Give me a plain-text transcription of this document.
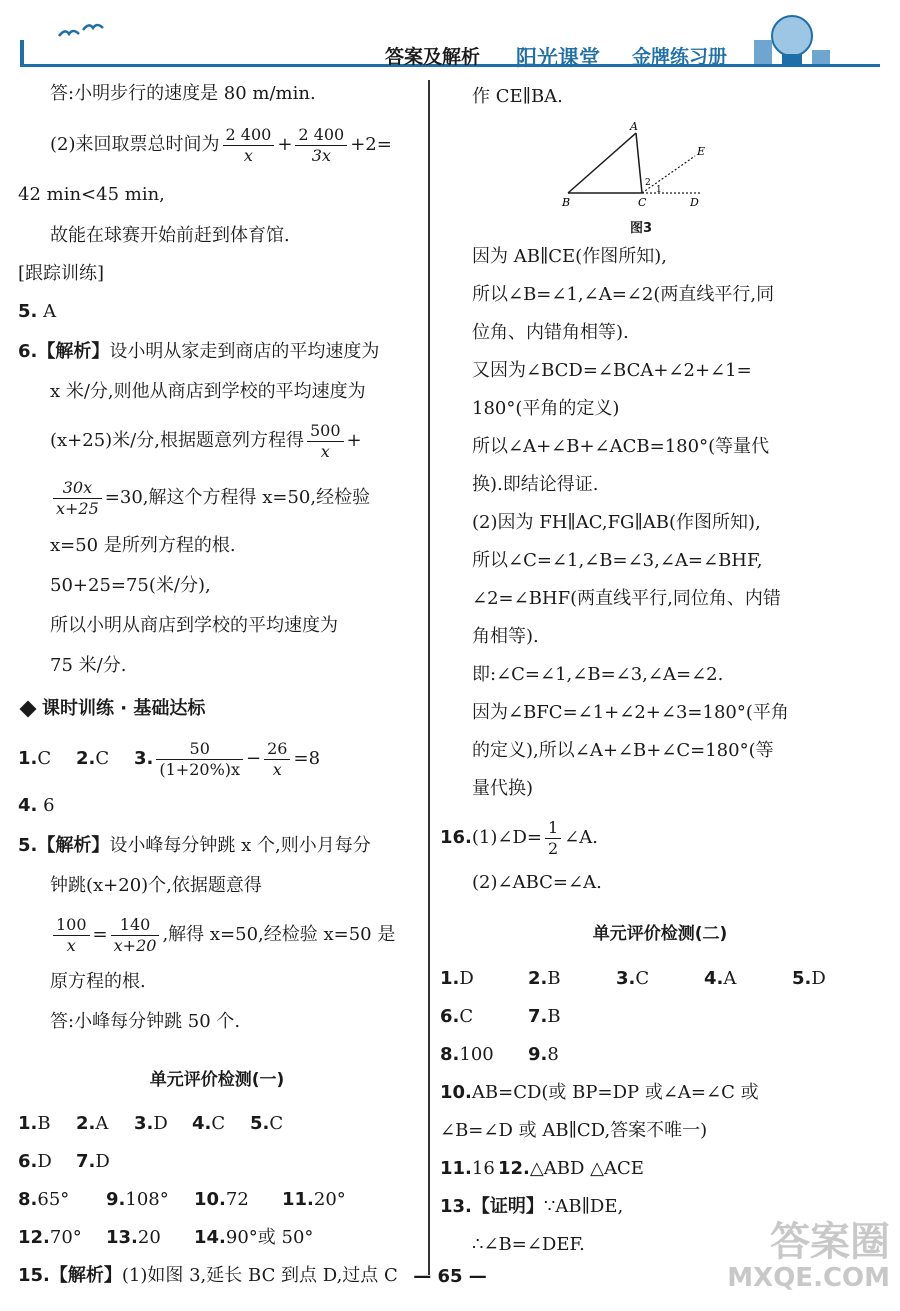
答案及解析 阳光课堂 金牌练习册
答:小明步行的速度是 80 m/min.
(2)来回取票总时间为 $\frac{2 400}{x} + \frac{2 400}{3x} +2=$
42 min<45 min,
故能在球赛开始前赶到体育馆.
[跟踪训练]
5. A
6.【解析】设小明从家走到商店的平均速度为
x 米/分,则他从商店到学校的平均速度为
(x+25)米/分,根据题意列方程得 $\frac{500}{x}$ +
$\frac{30x}{x+25} =30$,解这个方程得 x=50,经检验
x=50 是所列方程的根.
50+25=75(米/分),
所以小明从商店到学校的平均速度为
75 米/分.
课时训练 · 基础达标
1.C 2.C 3. $\frac{50}{(1+20\%)x} - \frac{26}{x} =8$
4. 6
5.【解析】设小峰每分钟跳 x 个,则小月每分
钟跳(x+20)个,依据题意得
$\frac{100}{x} = \frac{140}{x+20}$ ,解得 x=50,经检验 x=50 是
原方程的根.
答:小峰每分钟跳 50 个.
单元评价检测(一)
1.B 2.A 3.D 4.C 5.C
6.D 7.D
8.65° 9.108° 10.72 11.20°
12.70° 13.20 14.90°或 50°
15.【解析】(1)如图 3,延长 BC 到点 D,过点 C
作 CE∥BA.
A
B	C	D
E
2
1
图3
因为 AB∥CE(作图所知),
所以∠B=∠1,∠A=∠2(两直线平行,同
位角、内错角相等).
又因为∠BCD=∠BCA+∠2+∠1=
180°(平角的定义)
所以∠A+∠B+∠ACB=180°(等量代
换).即结论得证.
(2)因为 FH∥AC,FG∥AB(作图所知),
所以∠C=∠1,∠B=∠3,∠A=∠BHF,
∠2=∠BHF(两直线平行,同位角、内错
角相等).
即:∠C=∠1,∠B=∠3,∠A=∠2.
因为∠BFC=∠1+∠2+∠3=180°(平角
的定义),所以∠A+∠B+∠C=180°(等
量代换)
16.(1)∠D= $\frac{1}{2}$ ∠A.
(2)∠ABC=∠A.
单元评价检测(二)
1.D	2.B	3.C	4.A	5.D
6.C	7.B
8.100 9.8
10.AB=CD(或 BP=DP 或∠A=∠C 或
∠B=∠D 或 AB∥CD,答案不唯一)
11.16 12.△ABD △ACE
13.【证明】∵AB∥DE,
∴∠B=∠DEF.
— 65 —
答案圈
MXQE.COM
